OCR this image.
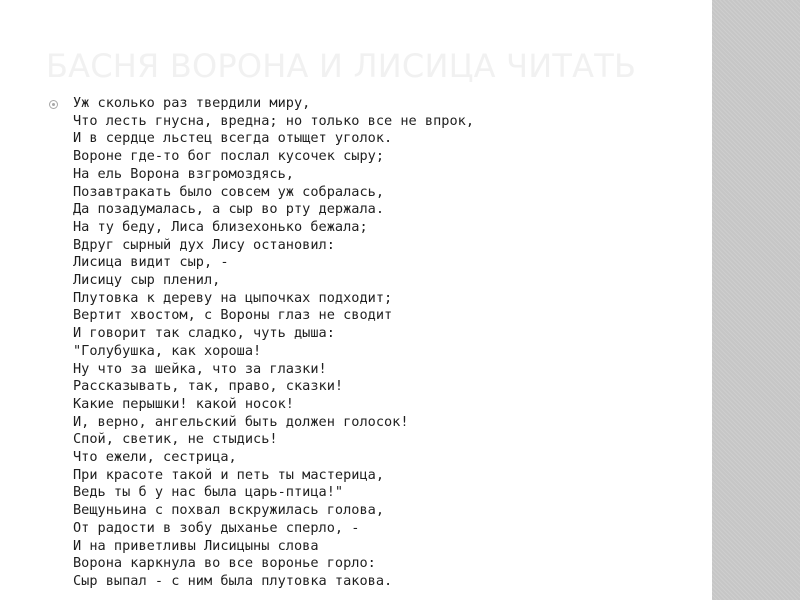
БАСНЯ ВОРОНА И ЛИСИЦА ЧИТАТЬ
Уж сколько раз твердили миру,
Что лесть гнусна, вредна; но только все не впрок,
И в сердце льстец всегда отыщет уголок.
Вороне где-то бог послал кусочек сыру;
На ель Ворона взгромоздясь,
Позавтракать было совсем уж собралась,
Да позадумалась, а сыр во рту держала.
На ту беду, Лиса близехонько бежала;
Вдруг сырный дух Лису остановил:
Лисица видит сыр, -
Лисицу сыр пленил,
Плутовка к дереву на цыпочках подходит;
Вертит хвостом, с Вороны глаз не сводит
И говорит так сладко, чуть дыша:
"Голубушка, как хороша!
Ну что за шейка, что за глазки!
Рассказывать, так, право, сказки!
Какие перышки! какой носок!
И, верно, ангельский быть должен голосок!
Спой, светик, не стыдись!
Что ежели, сестрица,
При красоте такой и петь ты мастерица,
Ведь ты б у нас была царь-птица!"
Вещуньина с похвал вскружилась голова,
От радости в зобу дыханье сперло, -
И на приветливы Лисицыны слова
Ворона каркнула во все воронье горло:
Сыр выпал - с ним была плутовка такова.
